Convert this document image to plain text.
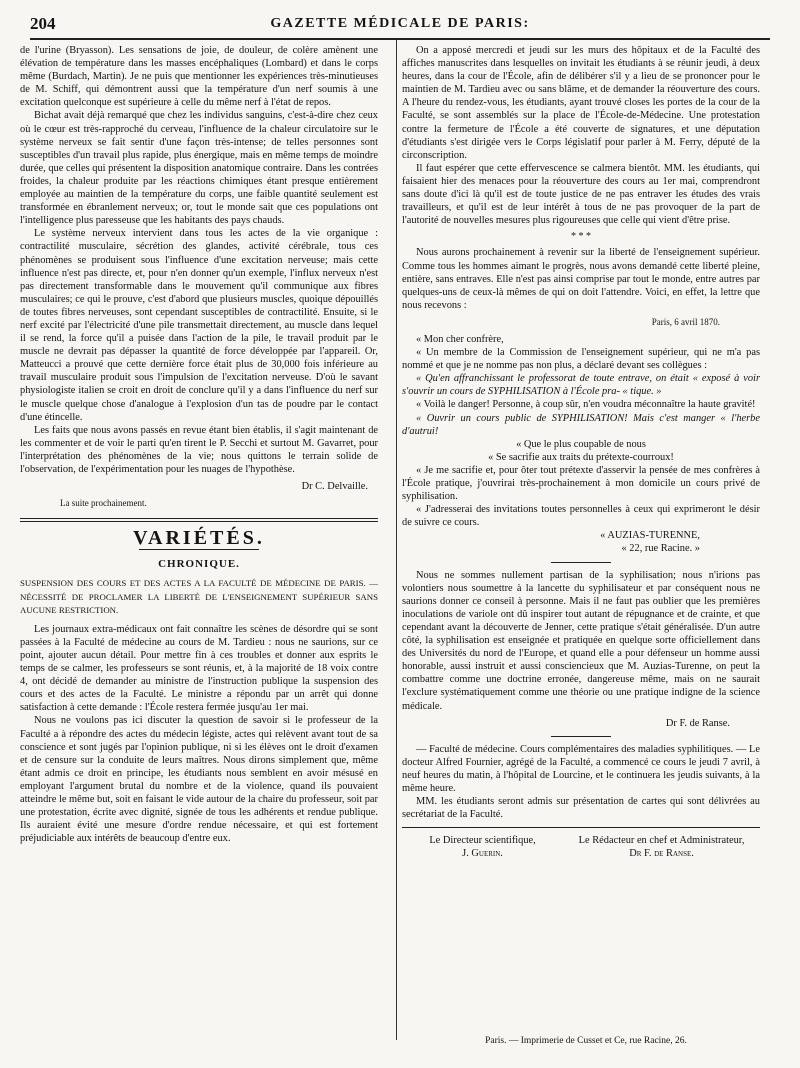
204	GAZETTE MÉDICALE DE PARIS:

de l'urine (Bryasson). Les sensations de joie, de douleur, de colère amènent une élévation de température dans les masses encéphaliques (Lombard) et dans le corps même (Burdach, Martin). Je ne puis que mentionner les expériences très-minutieuses de M. Schiff, qui démontrent aussi que la température d'un nerf soumis à une excitation quelconque est supérieure à celle du même nerf à l'état de repos.

Bichat avait déjà remarqué que chez les individus sanguins, c'est-à-dire chez ceux où le cœur est très-rapproché du cerveau, l'influence de la chaleur circulatoire sur le système nerveux se fait sentir d'une façon très-intense; de telles personnes sont susceptibles d'un travail plus rapide, plus énergique, mais en même temps de moindre durée, que celles qui présentent la disposition anatomique contraire. Dans les contrées froides, la chaleur produite par les réactions chimiques étant presque entièrement employée au maintien de la température du corps, une faible quantité seulement est transformée en ébranlement nerveux; or, tout le monde sait que ces populations ont l'intelligence plus paresseuse que les habitants des pays chauds.

Le système nerveux intervient dans tous les actes de la vie organique : contractilité musculaire, sécrétion des glandes, activité cérébrale, tous ces phénomènes se produisent sous l'influence d'une excitation nerveuse; mais cette influence n'est pas directe, et, pour n'en donner qu'un exemple, l'influx nerveux n'est pas directement transformable dans le mouvement qu'il communique aux fibres musculaires; ce qui le prouve, c'est d'abord que plusieurs muscles, quoique dépouillés de toutes fibres nerveuses, sont cependant susceptibles de contractilité. Ensuite, si le nerf excité par l'électricité d'une pile transmettait directement, au muscle dans lequel il se rend, la force qu'il a puisée dans l'action de la pile, le travail produit par le muscle ne devrait pas dépasser la quantité de force développée par l'appareil. Or, Matteucci a prouvé que cette dernière force était plus de 30,000 fois inférieure au travail musculaire produit sous l'impulsion de l'excitation nerveuse. D'où le savant physiologiste italien se croit en droit de conclure qu'il y a dans l'influence du nerf sur le muscle quelque chose d'analogue à l'explosion d'un tas de poudre par le contact d'une étincelle.

Les faits que nous avons passés en revue étant bien établis, il s'agit maintenant de les commenter et de voir le parti qu'en tirent le P. Secchi et surtout M. Gavarret, pour l'interprétation des phénomènes de la vie; nous quittons le terrain solide de l'observation, de l'expérimentation pour les nuages de l'hypothèse.

Dr C. Delvaille.
La suite prochainement.
VARIÉTÉS.
CHRONIQUE.

SUSPENSION DES COURS ET DES ACTES A LA FACULTÉ DE MÉDECINE DE PARIS. — NÉCESSITÉ DE PROCLAMER LA LIBERTÉ DE L'ENSEIGNEMENT SUPÉRIEUR SANS AUCUNE RESTRICTION.

Les journaux extra-médicaux ont fait connaître les scènes de désordre qui se sont passées à la Faculté de médecine au cours de M. Tardieu : nous ne saurions, sur ce point, ajouter aucun détail. Pour mettre fin à ces troubles et donner aux esprits le temps de se calmer, les professeurs se sont réunis, et, à la majorité de 18 voix contre 4, ont décidé de demander au ministre de l'instruction publique la suspension des cours et des actes de la Faculté. Le ministre a répondu par un arrêt qui donne satisfaction à cette demande : l'École restera fermée jusqu'au 1er mai.

Nous ne voulons pas ici discuter la question de savoir si le professeur de la Faculté a à répondre des actes du médecin légiste, actes qui relèvent avant tout de sa conscience et sont jugés par l'opinion publique, ni si les élèves ont le droit d'examen et de censure sur la conduite de leurs maîtres. Nous dirons simplement que, même étant admis ce droit en principe, les étudiants nous semblent en avoir mésusé en employant l'argument brutal du nombre et de la violence, quand ils pouvaient atteindre le même but, soit en faisant le vide autour de la chaire du professeur, soit par une protestation, écrite avec dignité, signée de tous les adhérents et rendue publique. Ils auraient évité une mesure d'ordre rendue nécessaire, et qui est fortement préjudiciable aux intérêts de beaucoup d'entre eux.

On a apposé mercredi et jeudi sur les murs des hôpitaux et de la Faculté des affiches manuscrites dans lesquelles on invitait les étudiants à se réunir jeudi, à deux heures, dans la cour de l'École, afin de délibérer s'il y a lieu de se prononcer pour le maintien de M. Tardieu avec ou sans blâme, et de demander la réouverture des cours. A l'heure du rendez-vous, les étudiants, ayant trouvé closes les portes de la cour de la Faculté, se sont assemblés sur la place de l'École-de-Médecine. Une protestation contre la fermeture de l'École a été couverte de signatures, et une députation d'étudiants s'est dirigée vers le Corps législatif pour parler à M. Ferry, député de la circonscription.

Il faut espérer que cette effervescence se calmera bientôt. MM. les étudiants, qui faisaient hier des menaces pour la réouverture des cours au 1er mai, comprendront sans doute d'ici là qu'il est de toute justice de ne pas entraver les études des vrais travailleurs, et qu'il est de leur intérêt à tous de ne pas provoquer de la part de l'autorité de nouvelles mesures plus rigoureuses que celle qui vient d'être prise.

* * *

Nous aurons prochainement à revenir sur la liberté de l'enseignement supérieur. Comme tous les hommes aimant le progrès, nous avons demandé cette liberté pleine, entière, sans entraves. Elle n'est pas ainsi comprise par tout le monde, entre autres par quelques-uns de ceux-là mêmes de qui on doit l'attendre. Voici, en effet, la lettre que nous recevons :

Paris, 6 avril 1870.

« Mon cher confrère,

« Un membre de la Commission de l'enseignement supérieur, qui ne m'a pas nommé et que je ne nomme pas non plus, a déclaré devant ses collègues :

« Qu'en affranchissant le professorat de toute entrave, on était « exposé à voir s'ouvrir un cours de SYPHILISATION à l'École pra- « tique. »

« Voilà le danger! Personne, à coup sûr, n'en voudra méconnaître la haute gravité!

« Ouvrir un cours public de SYPHILISATION! Mais c'est manger « l'herbe d'autrui!

« Que le plus coupable de nous

« Se sacrifie aux traits du prétexte-courroux!

« Je me sacrifie et, pour ôter tout prétexte d'asservir la pensée de mes confrères à l'École pratique, j'ouvrirai très-prochainement à mon domicile un cours privé de syphilisation.

« J'adresserai des invitations toutes personnelles à ceux qui exprimeront le désir de suivre ce cours.

« AUZIAS-TURENNE,
« 22, rue Racine. »

Nous ne sommes nullement partisan de la syphilisation; nous n'irions pas volontiers nous soumettre à la lancette du syphilisateur et par conséquent nous ne saurions donner ce conseil à personne. Mais il ne faut pas oublier que les premières inoculations de variole ont dû inspirer tout autant de répugnance et de crainte, et que cependant avant la découverte de Jenner, cette pratique s'était généralisée. D'un autre côté, la syphilisation est enseignée et pratiquée en quelque sorte officiellement dans des Universités du nord de l'Europe, et quand elle a pour défenseur un homme aussi honorable, aussi instruit et aussi consciencieux que M. Auzias-Turenne, on peut la combattre comme une doctrine erronée, dangereuse même, mais on ne saurait l'exclure systématiquement comme une théorie ou une pratique indigne de la science médicale.

Dr F. de Ranse.

— Faculté de médecine. Cours complémentaires des maladies syphilitiques. — Le docteur Alfred Fournier, agrégé de la Faculté, a commencé ce cours le jeudi 7 avril, à neuf heures du matin, à l'hôpital de Lourcine, et le continuera les jeudis suivants, à la même heure.

MM. les étudiants seront admis sur présentation de cartes qui sont délivrées au secrétariat de la Faculté.

Le Directeur scientifique,
J. Guerin.
Le Rédacteur en chef et Administrateur,
Dr F. de Ranse.
Paris. — Imprimerie de Cusset et Ce, rue Racine, 26.
